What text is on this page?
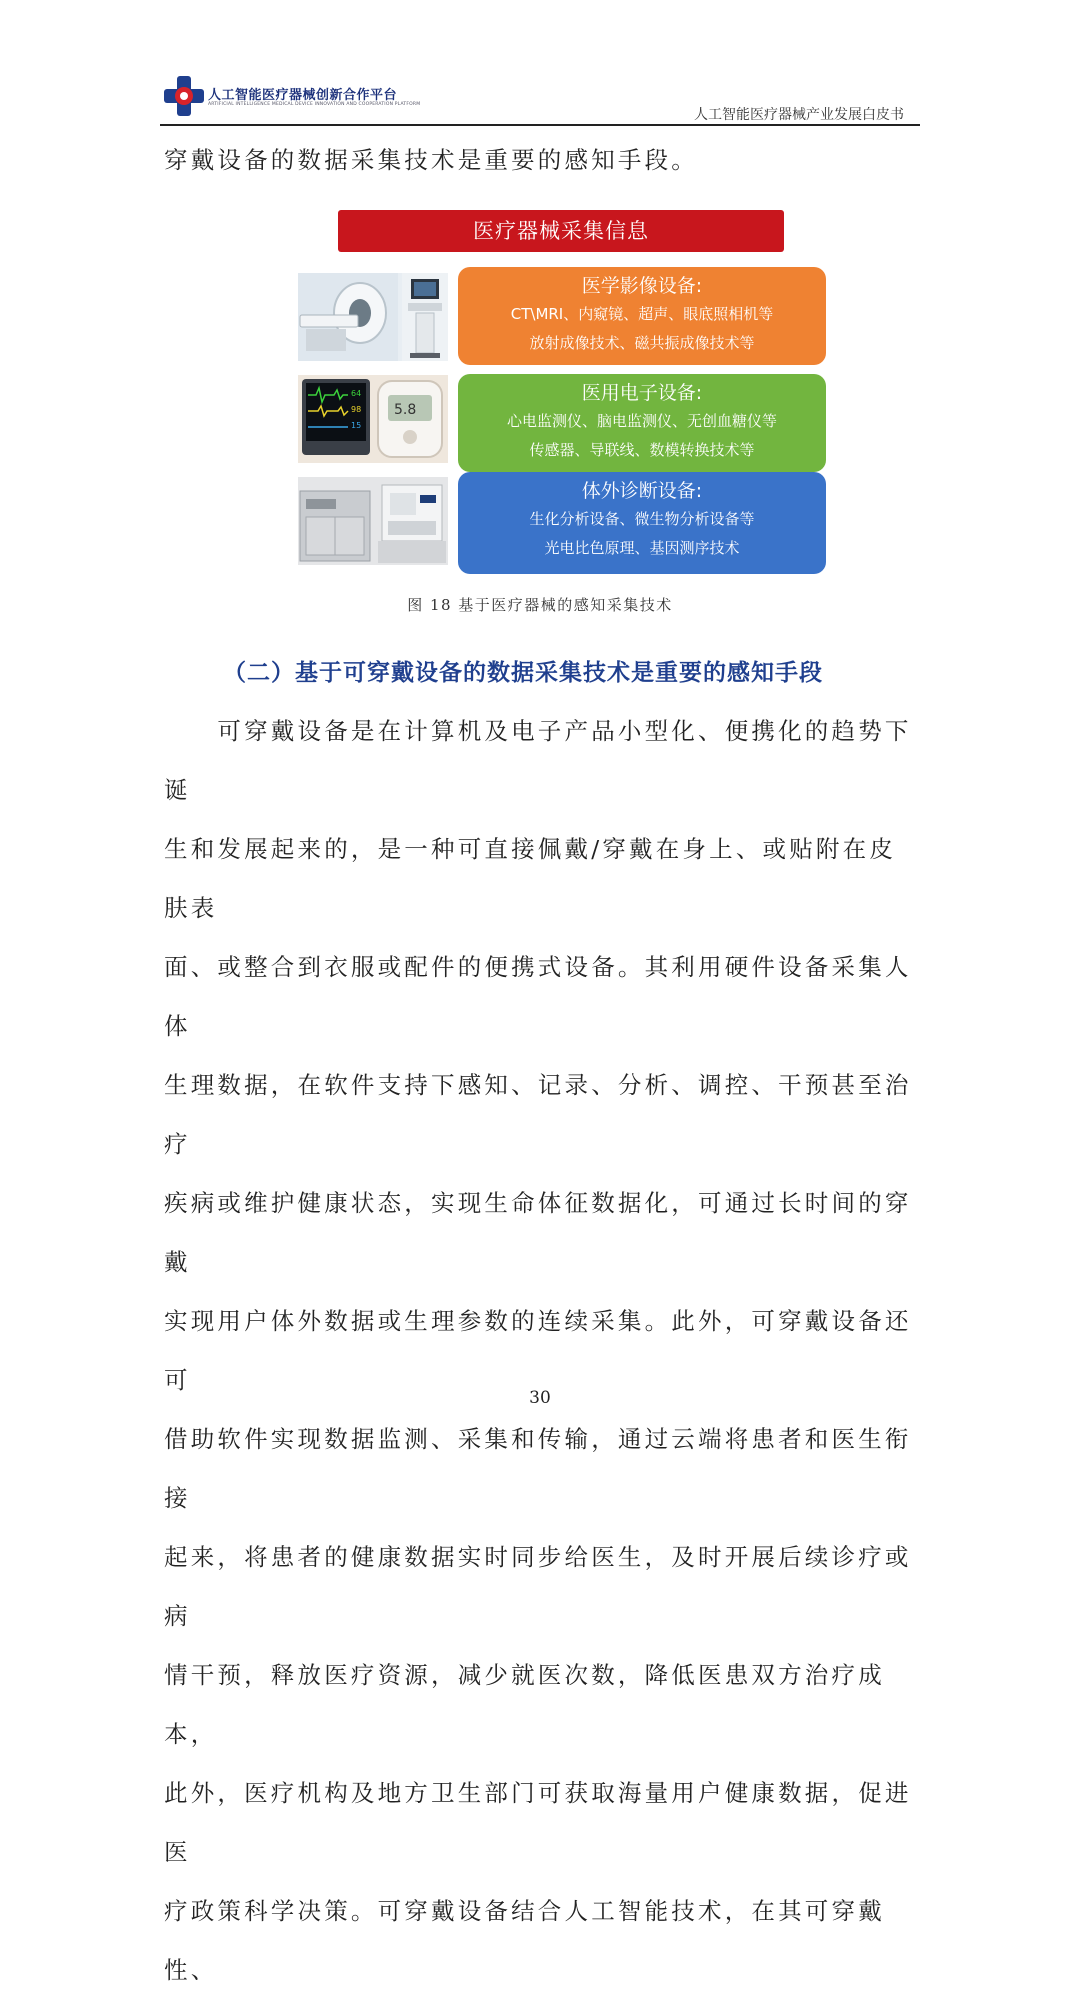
人工智能医疗器械创新合作平台
ARTIFICIAL INTELLIGENCE MEDICAL DEVICE INNOVATION AND COOPERATION PLATFORM
人工智能医疗器械产业发展白皮书
穿戴设备的数据采集技术是重要的感知手段。
医疗器械采集信息
64
98
15
5.8
医学影像设备:
CT\MRI、内窥镜、超声、眼底照相机等
放射成像技术、磁共振成像技术等
医用电子设备:
心电监测仪、脑电监测仪、无创血糖仪等
传感器、导联线、数模转换技术等
体外诊断设备:
生化分析设备、微生物分析设备等
光电比色原理、基因测序技术
图 18 基于医疗器械的感知采集技术
（二）基于可穿戴设备的数据采集技术是重要的感知手段
　　可穿戴设备是在计算机及电子产品小型化、便携化的趋势下诞
生和发展起来的，是一种可直接佩戴/穿戴在身上、或贴附在皮肤表
面、或整合到衣服或配件的便携式设备。其利用硬件设备采集人体
生理数据，在软件支持下感知、记录、分析、调控、干预甚至治疗
疾病或维护健康状态，实现生命体征数据化，可通过长时间的穿戴
实现用户体外数据或生理参数的连续采集。此外，可穿戴设备还可
借助软件实现数据监测、采集和传输，通过云端将患者和医生衔接
起来，将患者的健康数据实时同步给医生，及时开展后续诊疗或病
情干预，释放医疗资源，减少就医次数，降低医患双方治疗成本，
此外，医疗机构及地方卫生部门可获取海量用户健康数据，促进医
疗政策科学决策。可穿戴设备结合人工智能技术，在其可穿戴性、
30
